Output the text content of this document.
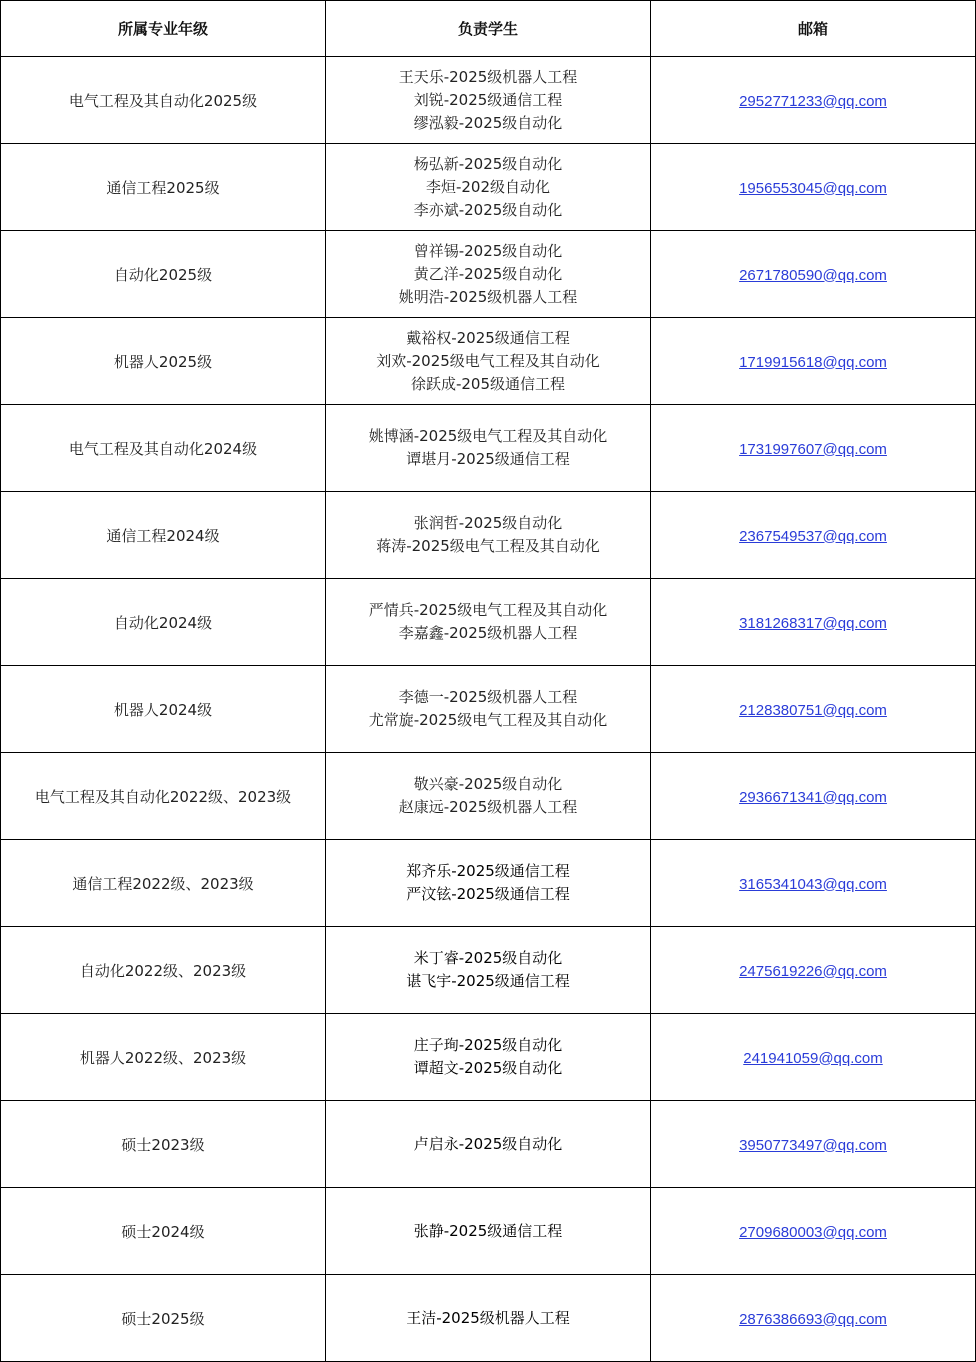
所属专业年级	负责学生	邮箱
电气工程及其自动化2025级	王天乐-2025级机器人工程
刘锐-2025级通信工程
缪泓毅-2025级自动化	2952771233@qq.com
通信工程2025级	杨弘新-2025级自动化
李烜-202级自动化
李亦斌-2025级自动化	1956553045@qq.com
自动化2025级	曾祥锡-2025级自动化
黄乙洋-2025级自动化
姚明浩-2025级机器人工程	2671780590@qq.com
机器人2025级	戴裕权-2025级通信工程
刘欢-2025级电气工程及其自动化
徐跃成-205级通信工程	1719915618@qq.com
电气工程及其自动化2024级	姚博涵-2025级电气工程及其自动化
谭堪月-2025级通信工程	1731997607@qq.com
通信工程2024级	张润哲-2025级自动化
蒋涛-2025级电气工程及其自动化	2367549537@qq.com
自动化2024级	严情兵-2025级电气工程及其自动化
李嘉鑫-2025级机器人工程	3181268317@qq.com
机器人2024级	李德一-2025级机器人工程
尤常旋-2025级电气工程及其自动化	2128380751@qq.com
电气工程及其自动化2022级、2023级	敬兴豪-2025级自动化
赵康远-2025级机器人工程	2936671341@qq.com
通信工程2022级、2023级	郑齐乐-2025级通信工程
严汶铉-2025级通信工程	3165341043@qq.com
自动化2022级、2023级	米丁睿-2025级自动化
谌飞宇-2025级通信工程	2475619226@qq.com
机器人2022级、2023级	庄子珣-2025级自动化
谭超文-2025级自动化	241941059@qq.com
硕士2023级	卢启永-2025级自动化	3950773497@qq.com
硕士2024级	张静-2025级通信工程	2709680003@qq.com
硕士2025级	王洁-2025级机器人工程	2876386693@qq.com
